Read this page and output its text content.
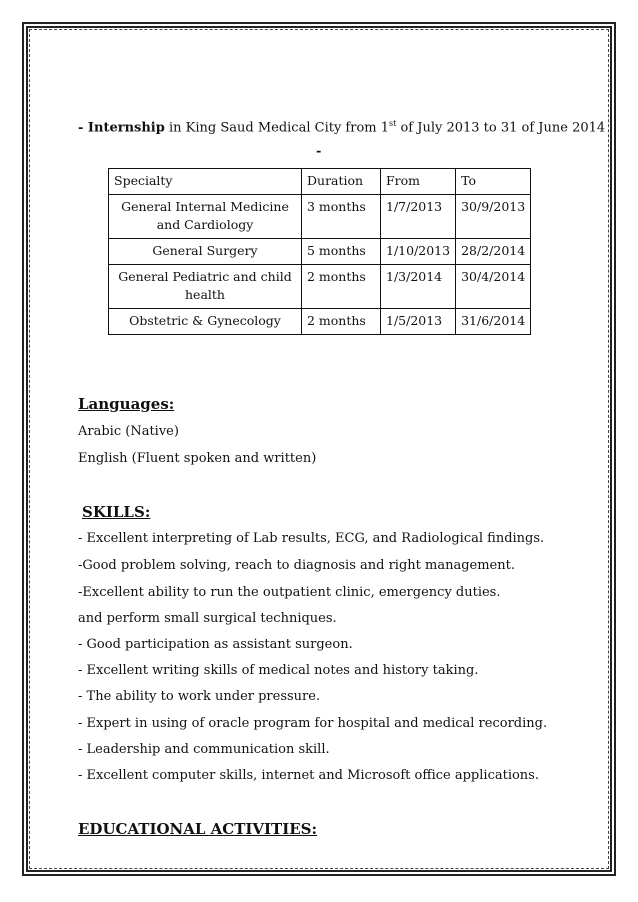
- Internship in King Saud Medical City from 1st of July 2013 to 31 of June 2014
-
Specialty	Duration	From	To
General Internal Medicine and Cardiology	3 months	1/7/2013	30/9/2013
General Surgery	5 months	1/10/2013	28/2/2014
General Pediatric and child health	2 months	1/3/2014	30/4/2014
Obstetric & Gynecology	2 months	1/5/2013	31/6/2014
Languages:
Arabic (Native)
English (Fluent spoken and written)
SKILLS:
- Excellent interpreting of Lab results, ECG, and Radiological findings.
-Good problem solving, reach to diagnosis and right management.
-Excellent ability to run the outpatient clinic, emergency duties.
and perform small surgical techniques.
- Good participation as assistant surgeon.
- Excellent writing skills of medical notes and history taking.
- The ability to work under pressure.
- Expert in using of oracle program for hospital and medical recording.
- Leadership and communication skill.
- Excellent computer skills, internet and Microsoft office applications.
EDUCATIONAL ACTIVITIES:
